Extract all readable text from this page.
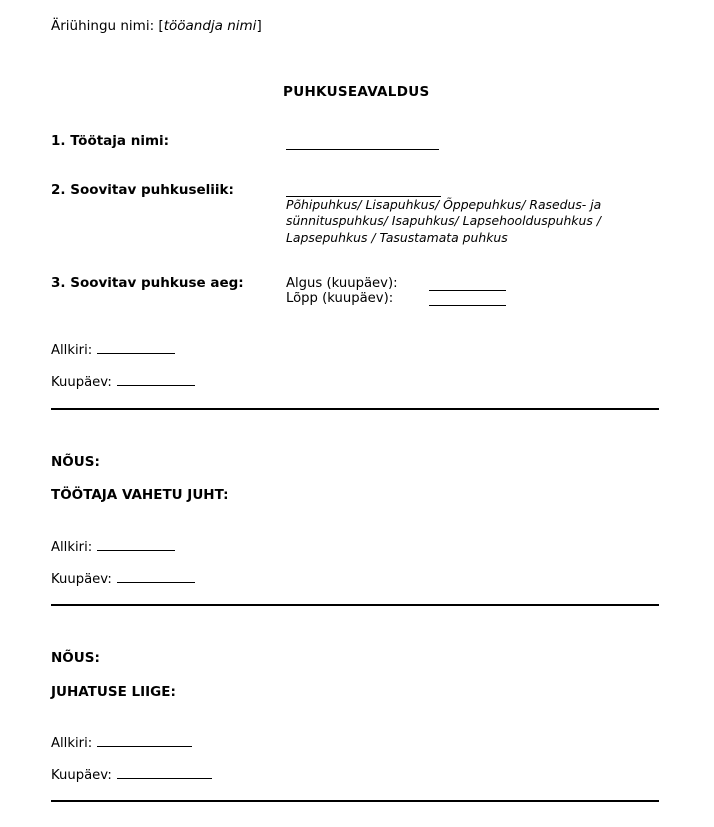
Äriühingu nimi: [tööandja nimi]
PUHKUSEAVALDUS
1. Töötaja nimi:
2. Soovitav puhkuseliik:
Põhipuhkus/ Lisapuhkus/ Õppepuhkus/ Rasedus- ja sünnituspuhkus/ Isapuhkus/ Lapsehoolduspuhkus / Lapsepuhkus / Tasustamata puhkus
3. Soovitav puhkuse aeg:	Algus (kuupäev):
Lõpp (kuupäev):
Allkiri:
Kuupäev:
NÕUS:
TÖÖTAJA VAHETU JUHT:
Allkiri:
Kuupäev:
NÕUS:
JUHATUSE LIIGE:
Allkiri:
Kuupäev:
